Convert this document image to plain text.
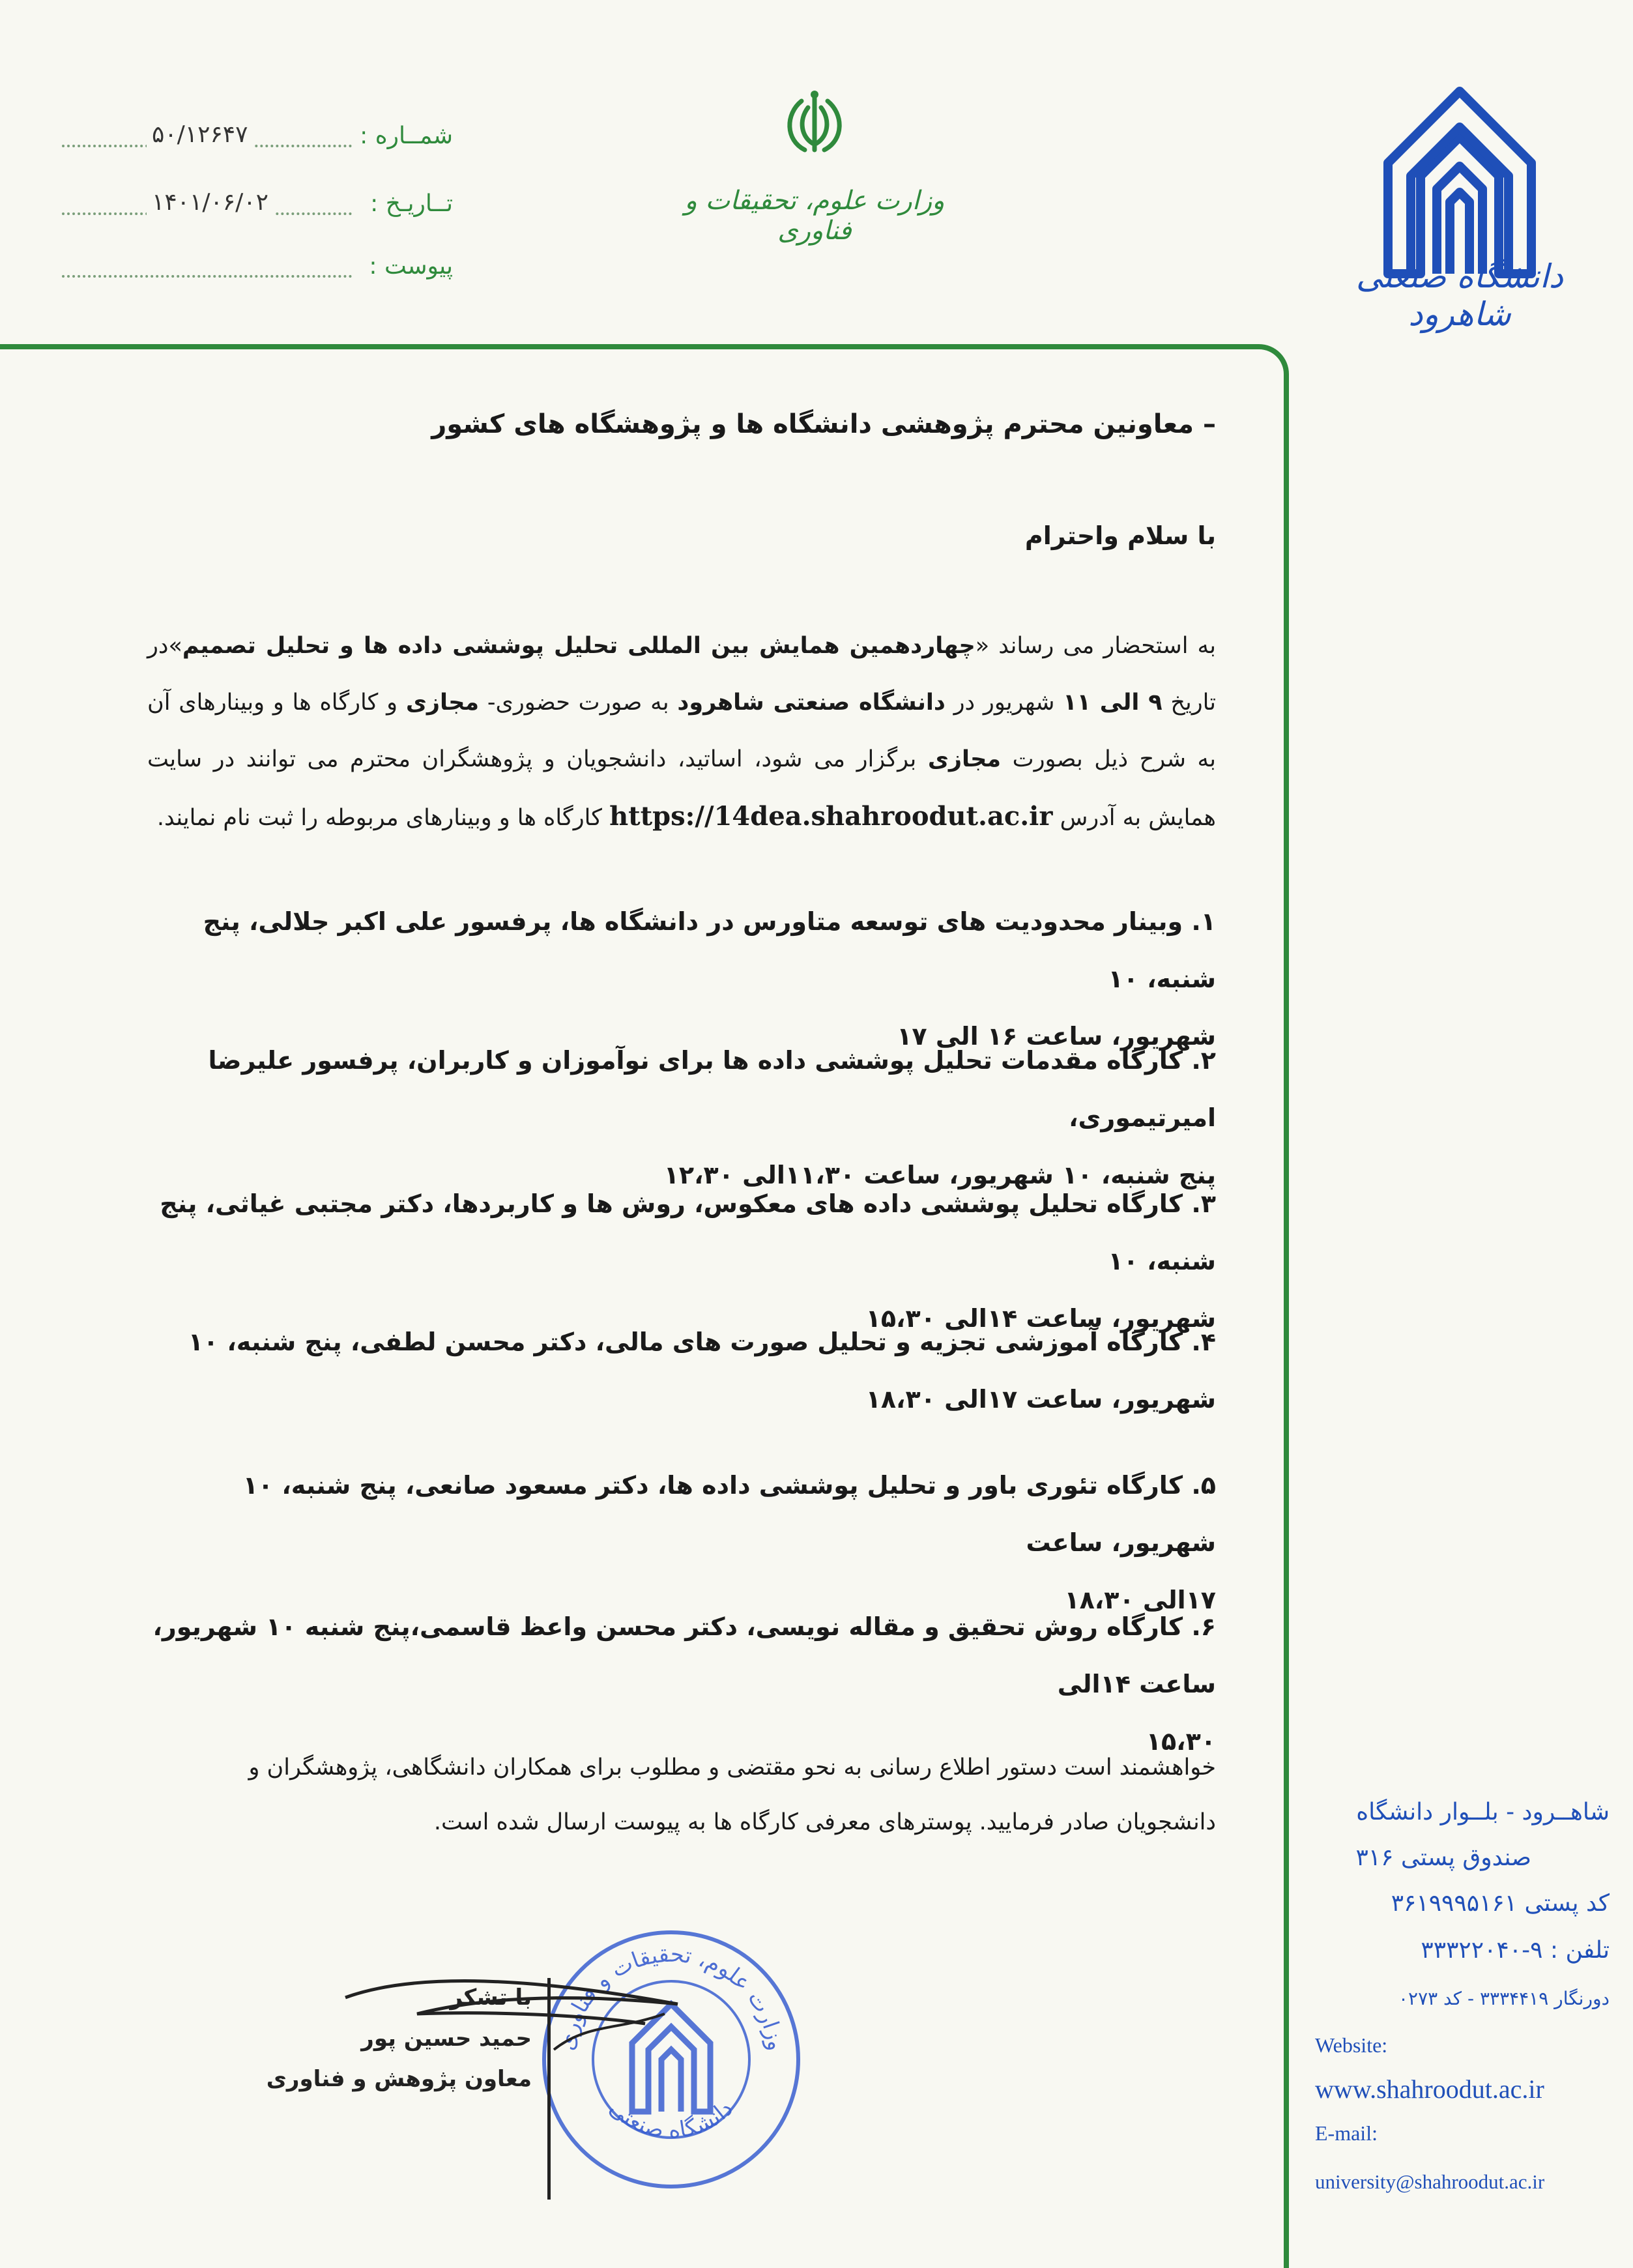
دانشگاه صنعتی شاهرود
وزارت علوم، تحقیقات و فناوری
شمــاره :
۵۰/۱۲۶۴۷
تــاریـخ :
۱۴۰۱/۰۶/۰۲
پیوست :
– معاونین محترم پژوهشی دانشگاه ها و پژوهشگاه های کشور
با سلام واحترام
به استحضار می رساند «چهاردهمین همایش بین المللی تحلیل پوششی داده ها و تحلیل تصمیم»در تاریخ ۹ الی ۱۱ شهریور در دانشگاه صنعتی شاهرود به صورت حضوری- مجازی و کارگاه ها و وبینارهای آن به شرح ذیل بصورت مجازی برگزار می شود، اساتید، دانشجویان و پژوهشگران محترم می توانند در سایت همایش به آدرس https://14dea.shahroodut.ac.ir کارگاه ها و وبینارهای مربوطه را ثبت نام نمایند.
۱. وبینار محدودیت های توسعه متاورس در دانشگاه ها، پرفسور علی اکبر جلالی، پنج شنبه، ۱۰
شهریور، ساعت ۱۶ الی ۱۷
۲. کارگاه مقدمات تحلیل پوششی داده ها برای نوآموزان و کاربران، پرفسور علیرضا امیرتیموری،
پنج شنبه، ۱۰ شهریور، ساعت ۱۱،۳۰الی ۱۲،۳۰
۳. کارگاه تحلیل پوششی داده های معکوس، روش ها و کاربردها، دکتر مجتبی غیاثی، پنج شنبه، ۱۰
شهریور، ساعت ۱۴الی ۱۵،۳۰
۴. کارگاه آموزشی تجزیه و تحلیل صورت های مالی، دکتر محسن لطفی، پنج شنبه، ۱۰
شهریور، ساعت ۱۷الی ۱۸،۳۰
۵. کارگاه تئوری باور و تحلیل پوششی داده ها، دکتر مسعود صانعی، پنج شنبه، ۱۰ شهریور، ساعت
۱۷الی ۱۸،۳۰
۶. کارگاه روش تحقیق و مقاله نویسی، دکتر محسن واعظ قاسمی،پنج شنبه ۱۰ شهریور، ساعت ۱۴الی
۱۵،۳۰
خواهشمند است دستور اطلاع رسانی به نحو مقتضی و مطلوب برای همکاران دانشگاهی، پژوهشگران و
دانشجویان صادر فرمایید. پوسترهای معرفی کارگاه ها به پیوست ارسال شده است.
وزارت علوم، تحقیقات و فناوری
دانشگاه صنعتی
با تشکر
حمید حسین پور
معاون پژوهش و فناوری
شاهــرود - بلــوار دانشگاه
صندوق پستی ۳۱۶
کد پستی ۳۶۱۹۹۹۵۱۶۱
تلفن : ۹-۳۳۳۲۲۰۴۰
دورنگار ۳۳۳۴۴۱۹ - کد ۰۲۷۳
Website:
www.shahroodut.ac.ir
E-mail:
university@shahroodut.ac.ir
